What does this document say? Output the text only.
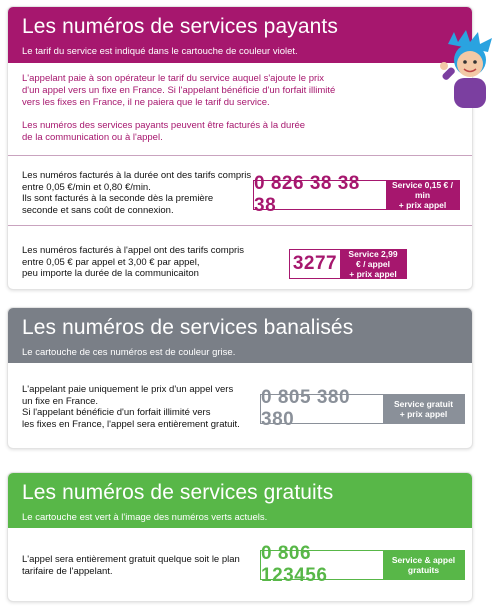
Les numéros de services payants
Le tarif du service est indiqué dans le cartouche de couleur violet.

L'appelant paie à son opérateur le tarif du service auquel s'ajoute le prix
d'un appel vers un fixe en France. Si l'appelant bénéficie d'un forfait illimité
vers les fixes en France, il ne paiera que le tarif du service.

Les numéros des services payants peuvent être facturés à la durée
de la communication ou à l'appel.

Les numéros facturés à la durée ont des tarifs compris
entre 0,05 €/min et 0,80 €/min.
Ils sont facturés à la seconde dès la première
seconde et sans coût de connexion.
0 826 38 38 38
Service 0,15 € / min
+ prix appel
Les numéros facturés à l'appel ont des tarifs compris
entre 0,05 € par appel et 3,00 € par appel,
peu importe la durée de la communicaiton	3277	Service 2,99 € / appel
+ prix appel
Les numéros de services banalisés
Le cartouche de ces numéros est de couleur grise.
L'appelant paie uniquement le prix d'un appel vers
un fixe en France.
Si l'appelant bénéficie d'un forfait illimité vers
les fixes en France, l'appel sera entièrement gratuit.
0 805 380 380
Service gratuit
+ prix appel
Les numéros de services gratuits
Le cartouche est vert à l'image des numéros verts actuels.
L'appel sera entièrement gratuit quelque soit le plan
tarifaire de l'appelant.
0 806 123456
Service & appel
gratuits
